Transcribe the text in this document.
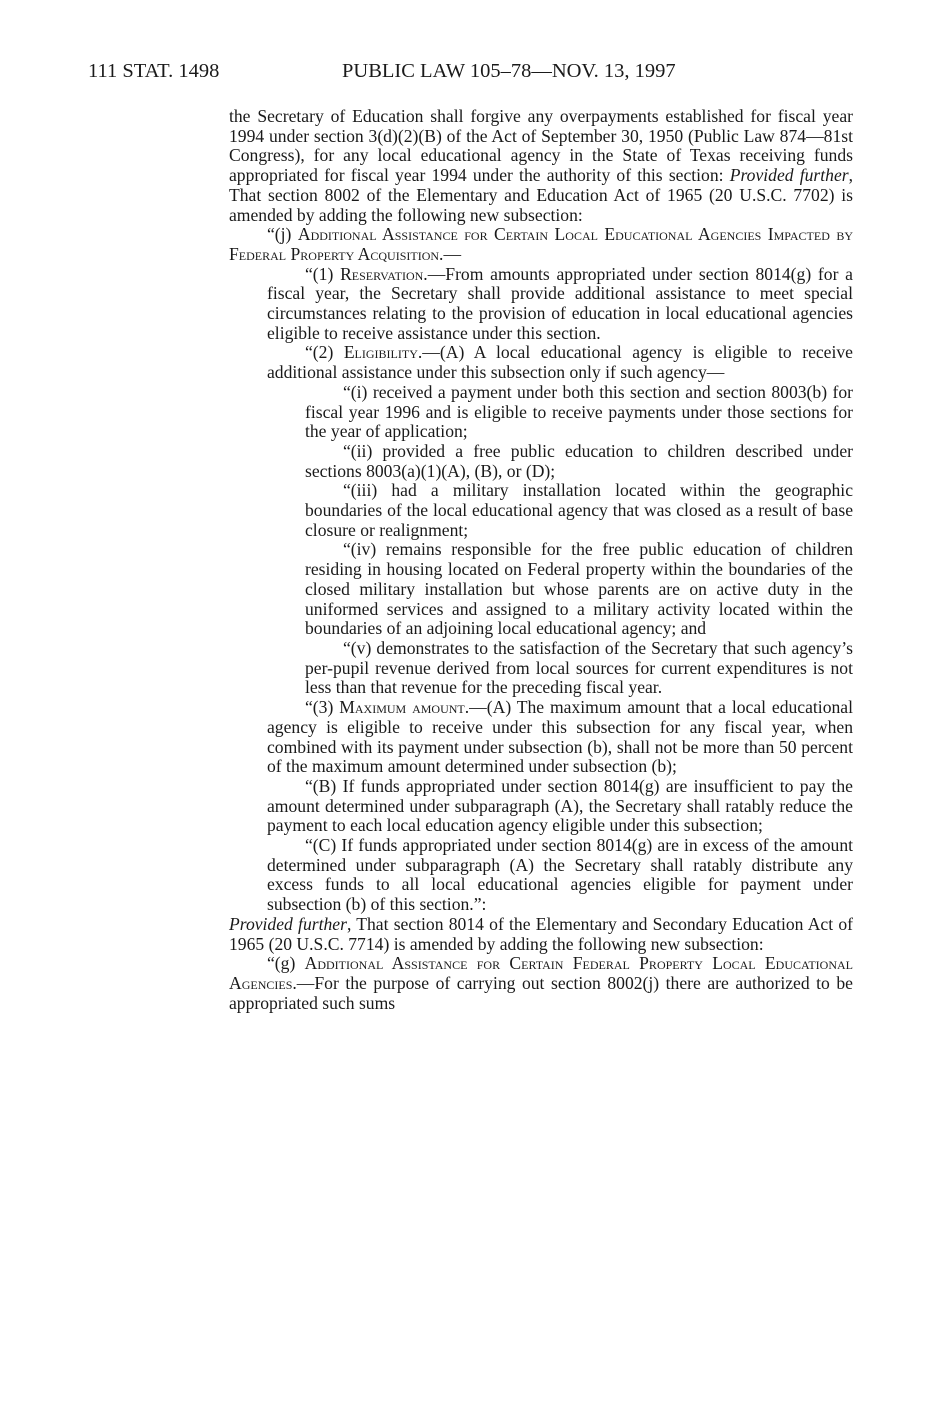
111 STAT. 1498	PUBLIC LAW 105–78—NOV. 13, 1997

the Secretary of Education shall forgive any overpayments established for fiscal year 1994 under section 3(d)(2)(B) of the Act of September 30, 1950 (Public Law 874—81st Congress), for any local educational agency in the State of Texas receiving funds appropriated for fiscal year 1994 under the authority of this section: Provided further, That section 8002 of the Elementary and Education Act of 1965 (20 U.S.C. 7702) is amended by adding the following new subsection:

“(j) Additional Assistance for Certain Local Educational Agencies Impacted by Federal Property Acquisition.—

“(1) Reservation.—From amounts appropriated under section 8014(g) for a fiscal year, the Secretary shall provide additional assistance to meet special circumstances relating to the provision of education in local educational agencies eligible to receive assistance under this section.

“(2) Eligibility.—(A) A local educational agency is eligible to receive additional assistance under this subsection only if such agency—

“(i) received a payment under both this section and section 8003(b) for fiscal year 1996 and is eligible to receive payments under those sections for the year of application;

“(ii) provided a free public education to children described under sections 8003(a)(1)(A), (B), or (D);

“(iii) had a military installation located within the geographic boundaries of the local educational agency that was closed as a result of base closure or realignment;

“(iv) remains responsible for the free public education of children residing in housing located on Federal property within the boundaries of the closed military installation but whose parents are on active duty in the uniformed services and assigned to a military activity located within the boundaries of an adjoining local educational agency; and

“(v) demonstrates to the satisfaction of the Secretary that such agency’s per-pupil revenue derived from local sources for current expenditures is not less than that revenue for the preceding fiscal year.

“(3) Maximum amount.—(A) The maximum amount that a local educational agency is eligible to receive under this subsection for any fiscal year, when combined with its payment under subsection (b), shall not be more than 50 percent of the maximum amount determined under subsection (b);

“(B) If funds appropriated under section 8014(g) are insufficient to pay the amount determined under subparagraph (A), the Secretary shall ratably reduce the payment to each local education agency eligible under this subsection;

“(C) If funds appropriated under section 8014(g) are in excess of the amount determined under subparagraph (A) the Secretary shall ratably distribute any excess funds to all local educational agencies eligible for payment under subsection (b) of this section.”:

Provided further, That section 8014 of the Elementary and Secondary Education Act of 1965 (20 U.S.C. 7714) is amended by adding the following new subsection:

“(g) Additional Assistance for Certain Federal Property Local Educational Agencies.—For the purpose of carrying out section 8002(j) there are authorized to be appropriated such sums
